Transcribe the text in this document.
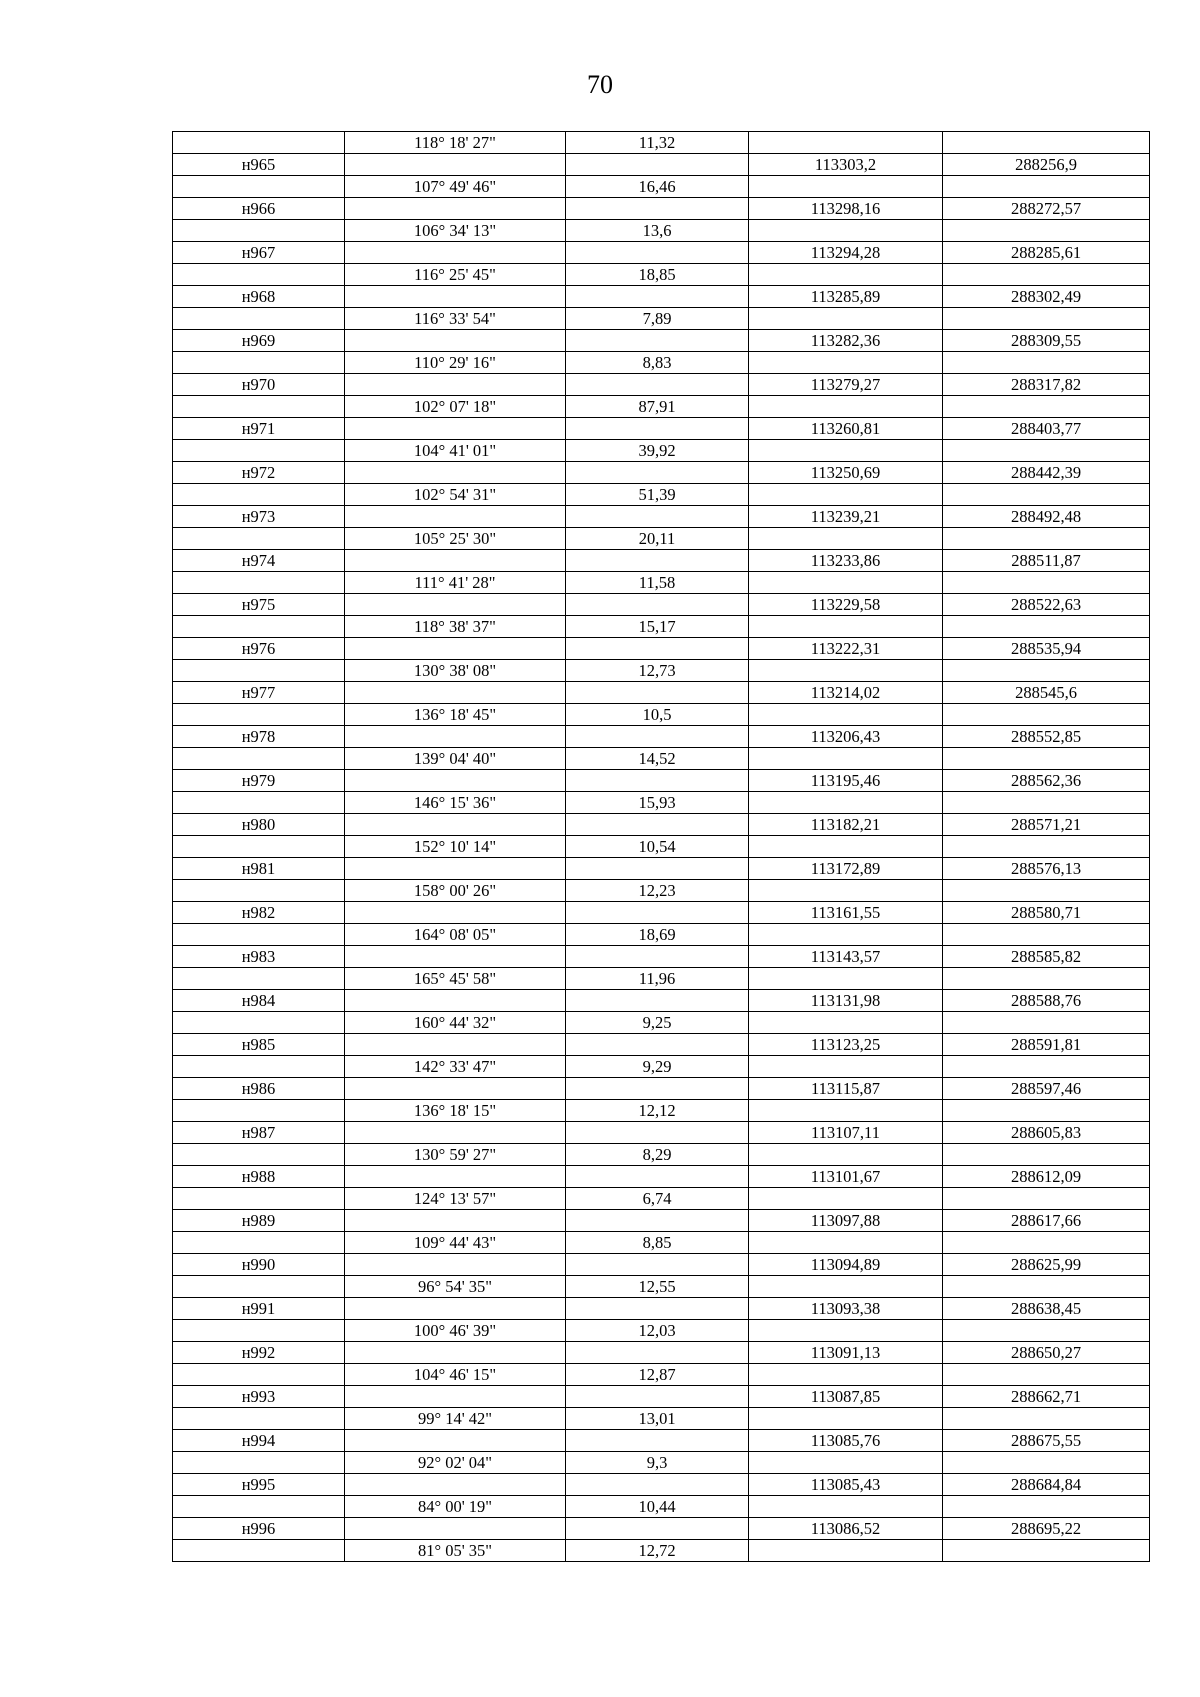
70
	118° 18' 27"	11,32		
н965			113303,2	288256,9
	107° 49' 46"	16,46		
н966			113298,16	288272,57
	106° 34' 13"	13,6		
н967			113294,28	288285,61
	116° 25' 45"	18,85		
н968			113285,89	288302,49
	116° 33' 54"	7,89		
н969			113282,36	288309,55
	110° 29' 16"	8,83		
н970			113279,27	288317,82
	102° 07' 18"	87,91		
н971			113260,81	288403,77
	104° 41' 01"	39,92		
н972			113250,69	288442,39
	102° 54' 31"	51,39		
н973			113239,21	288492,48
	105° 25' 30"	20,11		
н974			113233,86	288511,87
	111° 41' 28"	11,58		
н975			113229,58	288522,63
	118° 38' 37"	15,17		
н976			113222,31	288535,94
	130° 38' 08"	12,73		
н977			113214,02	288545,6
	136° 18' 45"	10,5		
н978			113206,43	288552,85
	139° 04' 40"	14,52		
н979			113195,46	288562,36
	146° 15' 36"	15,93		
н980			113182,21	288571,21
	152° 10' 14"	10,54		
н981			113172,89	288576,13
	158° 00' 26"	12,23		
н982			113161,55	288580,71
	164° 08' 05"	18,69		
н983			113143,57	288585,82
	165° 45' 58"	11,96		
н984			113131,98	288588,76
	160° 44' 32"	9,25		
н985			113123,25	288591,81
	142° 33' 47"	9,29		
н986			113115,87	288597,46
	136° 18' 15"	12,12		
н987			113107,11	288605,83
	130° 59' 27"	8,29		
н988			113101,67	288612,09
	124° 13' 57"	6,74		
н989			113097,88	288617,66
	109° 44' 43"	8,85		
н990			113094,89	288625,99
	96° 54' 35"	12,55		
н991			113093,38	288638,45
	100° 46' 39"	12,03		
н992			113091,13	288650,27
	104° 46' 15"	12,87		
н993			113087,85	288662,71
	99° 14' 42"	13,01		
н994			113085,76	288675,55
	92° 02' 04"	9,3		
н995			113085,43	288684,84
	84° 00' 19"	10,44		
н996			113086,52	288695,22
	81° 05' 35"	12,72		
